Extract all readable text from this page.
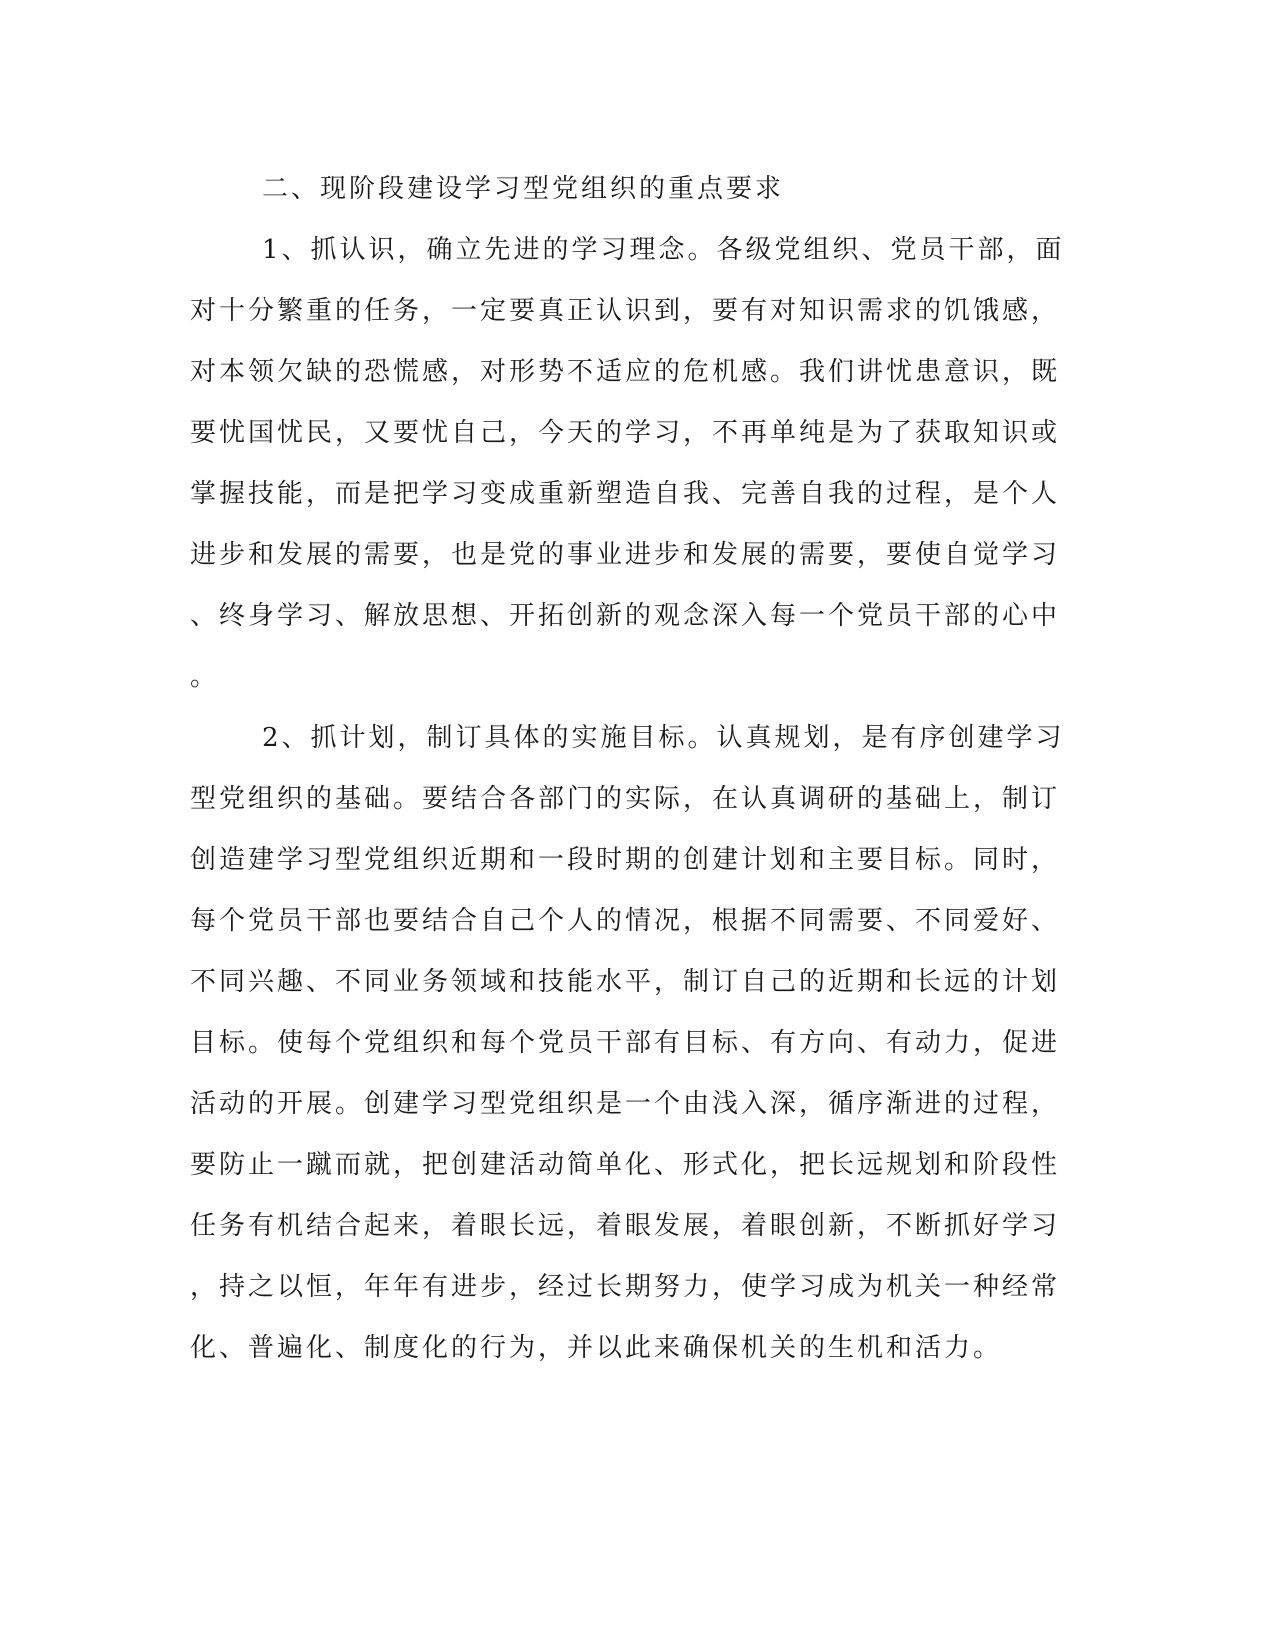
二、现阶段建设学习型党组织的重点要求

1、抓认识，确立先进的学习理念。各级党组织、党员干部，面

对十分繁重的任务，一定要真正认识到，要有对知识需求的饥饿感，

对本领欠缺的恐慌感，对形势不适应的危机感。我们讲忧患意识，既

要忧国忧民，又要忧自己，今天的学习，不再单纯是为了获取知识或

掌握技能，而是把学习变成重新塑造自我、完善自我的过程，是个人

进步和发展的需要，也是党的事业进步和发展的需要，要使自觉学习

、终身学习、解放思想、开拓创新的观念深入每一个党员干部的心中

。

2、抓计划，制订具体的实施目标。认真规划，是有序创建学习

型党组织的基础。要结合各部门的实际，在认真调研的基础上，制订

创造建学习型党组织近期和一段时期的创建计划和主要目标。同时，

每个党员干部也要结合自己个人的情况，根据不同需要、不同爱好、

不同兴趣、不同业务领域和技能水平，制订自己的近期和长远的计划

目标。使每个党组织和每个党员干部有目标、有方向、有动力，促进

活动的开展。创建学习型党组织是一个由浅入深，循序渐进的过程，

要防止一蹴而就，把创建活动简单化、形式化，把长远规划和阶段性

任务有机结合起来，着眼长远，着眼发展，着眼创新，不断抓好学习

，持之以恒，年年有进步，经过长期努力，使学习成为机关一种经常

化、普遍化、制度化的行为，并以此来确保机关的生机和活力。
